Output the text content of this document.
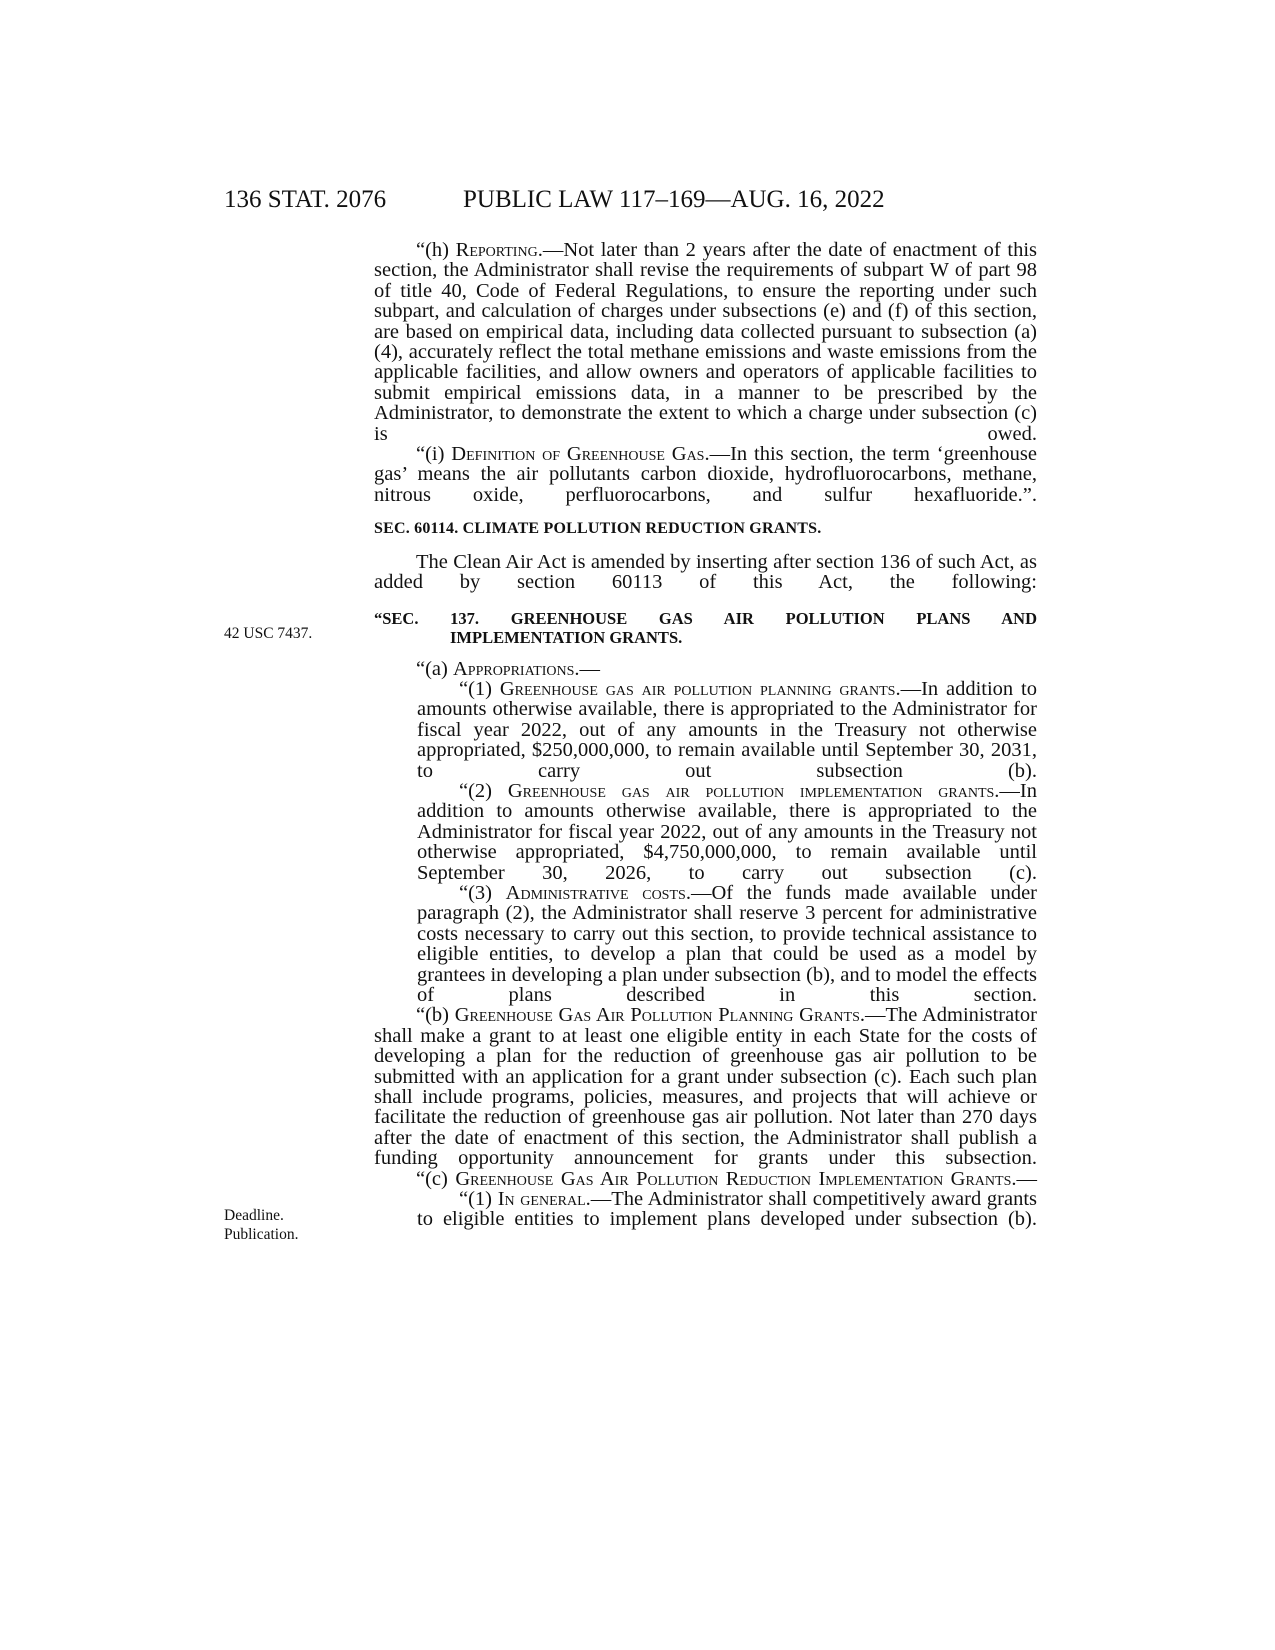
136 STAT. 2076	PUBLIC LAW 117–169—AUG. 16, 2022
42 USC 7437.
Deadline.
Publication.

“(h) Reporting.—Not later than 2 years after the date of enactment of this section, the Administrator shall revise the requirements of subpart W of part 98 of title 40, Code of Federal Regulations, to ensure the reporting under such subpart, and calculation of charges under subsections (e) and (f) of this section, are based on empirical data, including data collected pursuant to subsection (a)(4), accurately reflect the total methane emissions and waste emissions from the applicable facilities, and allow owners and operators of applicable facilities to submit empirical emissions data, in a manner to be prescribed by the Administrator, to demonstrate the extent to which a charge under subsection (c) is owed.

“(i) Definition of Greenhouse Gas.—In this section, the term ‘greenhouse gas’ means the air pollutants carbon dioxide, hydrofluorocarbons, methane, nitrous oxide, perfluorocarbons, and sulfur hexafluoride.”.

SEC. 60114. CLIMATE POLLUTION REDUCTION GRANTS.

The Clean Air Act is amended by inserting after section 136 of such Act, as added by section 60113 of this Act, the following:

“SEC. 137. GREENHOUSE GAS AIR POLLUTION PLANS AND
IMPLEMENTATION GRANTS.

“(a) Appropriations.—

“(1) Greenhouse gas air pollution planning grants.—In addition to amounts otherwise available, there is appropriated to the Administrator for fiscal year 2022, out of any amounts in the Treasury not otherwise appropriated, $250,000,000, to remain available until September 30, 2031, to carry out subsection (b).

“(2) Greenhouse gas air pollution implementation grants.—In addition to amounts otherwise available, there is appropriated to the Administrator for fiscal year 2022, out of any amounts in the Treasury not otherwise appropriated, $4,750,000,000, to remain available until September 30, 2026, to carry out subsection (c).

“(3) Administrative costs.—Of the funds made available under paragraph (2), the Administrator shall reserve 3 percent for administrative costs necessary to carry out this section, to provide technical assistance to eligible entities, to develop a plan that could be used as a model by grantees in developing a plan under subsection (b), and to model the effects of plans described in this section.

“(b) Greenhouse Gas Air Pollution Planning Grants.—The Administrator shall make a grant to at least one eligible entity in each State for the costs of developing a plan for the reduction of greenhouse gas air pollution to be submitted with an application for a grant under subsection (c). Each such plan shall include programs, policies, measures, and projects that will achieve or facilitate the reduction of greenhouse gas air pollution. Not later than 270 days after the date of enactment of this section, the Administrator shall publish a funding opportunity announcement for grants under this subsection.

“(c) Greenhouse Gas Air Pollution Reduction Implementation Grants.—

“(1) In general.—The Administrator shall competitively award grants to eligible entities to implement plans developed under subsection (b).
